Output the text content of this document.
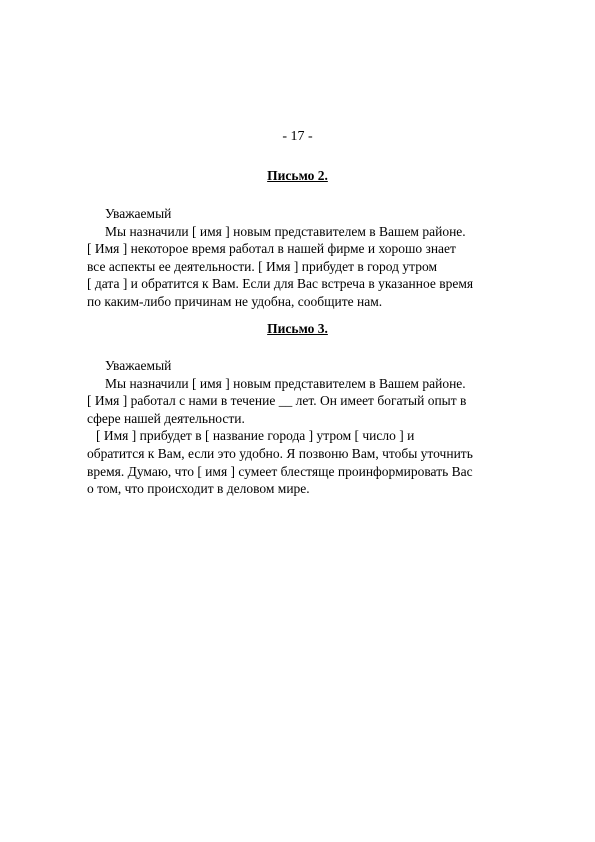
- 17 -
Письмо 2.
Уважаемый
Мы назначили [ имя ] новым представителем в Вашем районе.
[ Имя ] некоторое время работал в нашей фирме и хорошо знает
все аспекты ее деятельности. [ Имя ] прибудет в город утром
[ дата ] и обратится к Вам. Если для Вас встреча в указанное время
по каким-либо причинам не удобна, сообщите нам.
Письмо 3.
Уважаемый
Мы назначили [ имя ] новым представителем в Вашем районе.
[ Имя ] работал с нами в течение __ лет. Он имеет богатый опыт в
сфере нашей деятельности.
[ Имя ] прибудет в [ название города ] утром [ число ] и
обратится к Вам, если это удобно. Я позвоню Вам, чтобы уточнить
время. Думаю, что [ имя ] сумеет блестяще проинформировать Вас
о том, что происходит в деловом мире.
